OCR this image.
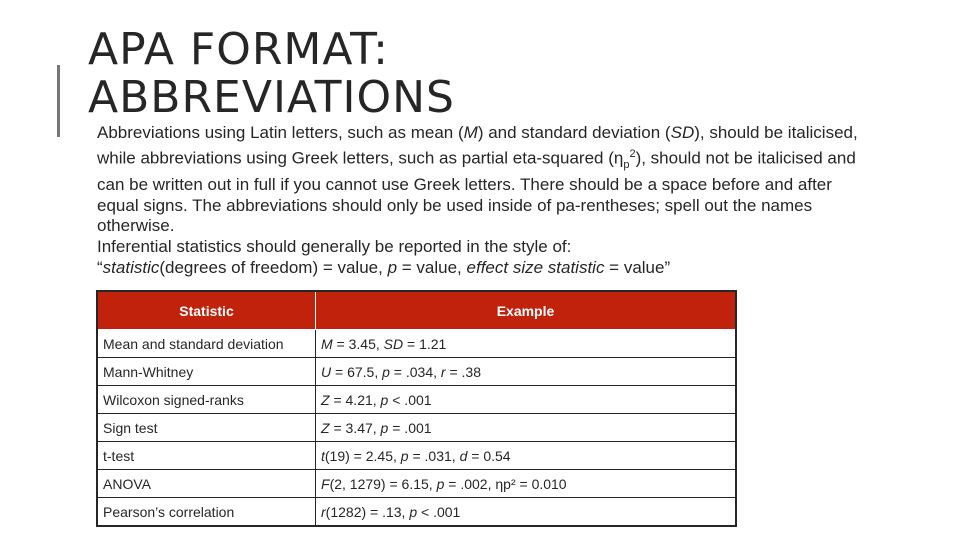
APA FORMAT:
ABBREVIATIONS

Abbreviations using Latin letters, such as mean (M) and standard deviation (SD), should be italicised, while abbreviations using Greek letters, such as partial eta-squared $(\eta_p^2)$, should not be italicised and can be written out in full if you cannot use Greek letters. There should be a space before and after equal signs. The abbreviations should only be used inside of pa-rentheses; spell out the names otherwise.

Inferential statistics should generally be reported in the style of:
“statistic(degrees of freedom) = value, p = value, effect size statistic = value”

Statistic	Example
Mean and standard deviation	M = 3.45, SD = 1.21
Mann-Whitney	U = 67.5, p = .034, r = .38
Wilcoxon signed-ranks	Z = 4.21, p < .001
Sign test	Z = 3.47, p = .001
t-test	t(19) = 2.45, p = .031, d = 0.54
ANOVA	F(2, 1279) = 6.15, p = .002, ηp² = 0.010
Pearson’s correlation	r(1282) = .13, p < .001
